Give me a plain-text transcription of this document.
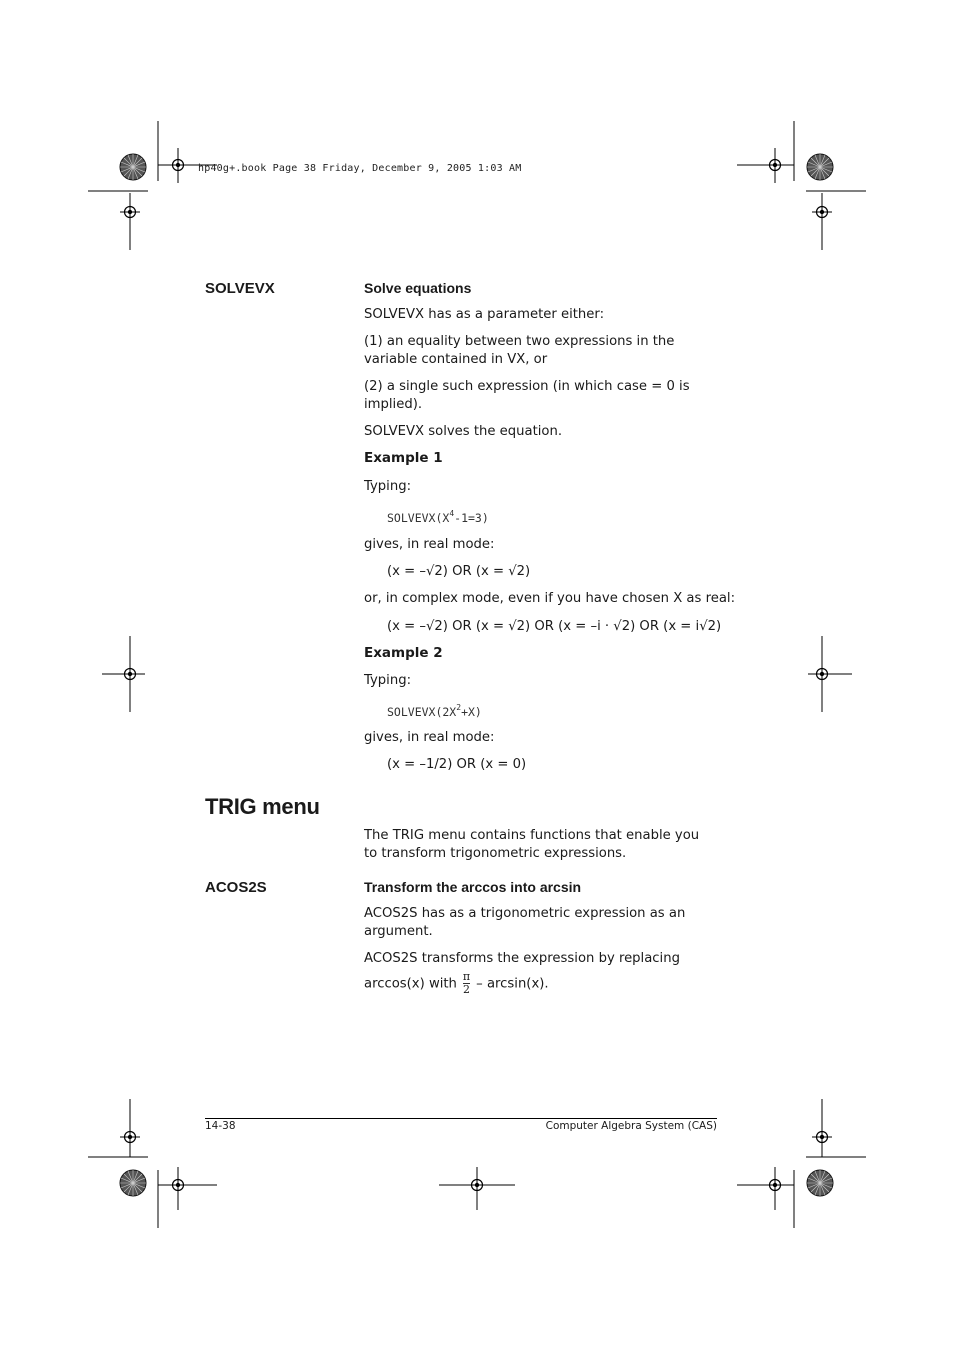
hp40g+.book Page 38 Friday, December 9, 2005 1:03 AM
SOLVEVX	Solve equations
SOLVEVX has as a parameter either:
(1) an equality between two expressions in the variable contained in VX, or
(2) a single such expression (in which case = 0 is implied).
SOLVEVX solves the equation.
Example 1
Typing:
$SOLVEVX(X^4-1=3)$
gives, in real mode:
(x = –√2) OR (x = √2)
or, in complex mode, even if you have chosen X as real:
(x = –√2) OR (x = √2) OR (x = –i · √2) OR (x = i√2)
Example 2
Typing:
$SOLVEVX(2X^2+X)$
gives, in real mode:
(x = –1/2) OR (x = 0)
TRIG menu
The TRIG menu contains functions that enable you to transform trigonometric expressions.
ACOS2S	Transform the arccos into arcsin
ACOS2S has as a trigonometric expression as an argument.
ACOS2S transforms the expression by replacing
arccos(x) with $\frac{\pi}{2} - \arcsin(x)$.
14-38	Computer Algebra System (CAS)
